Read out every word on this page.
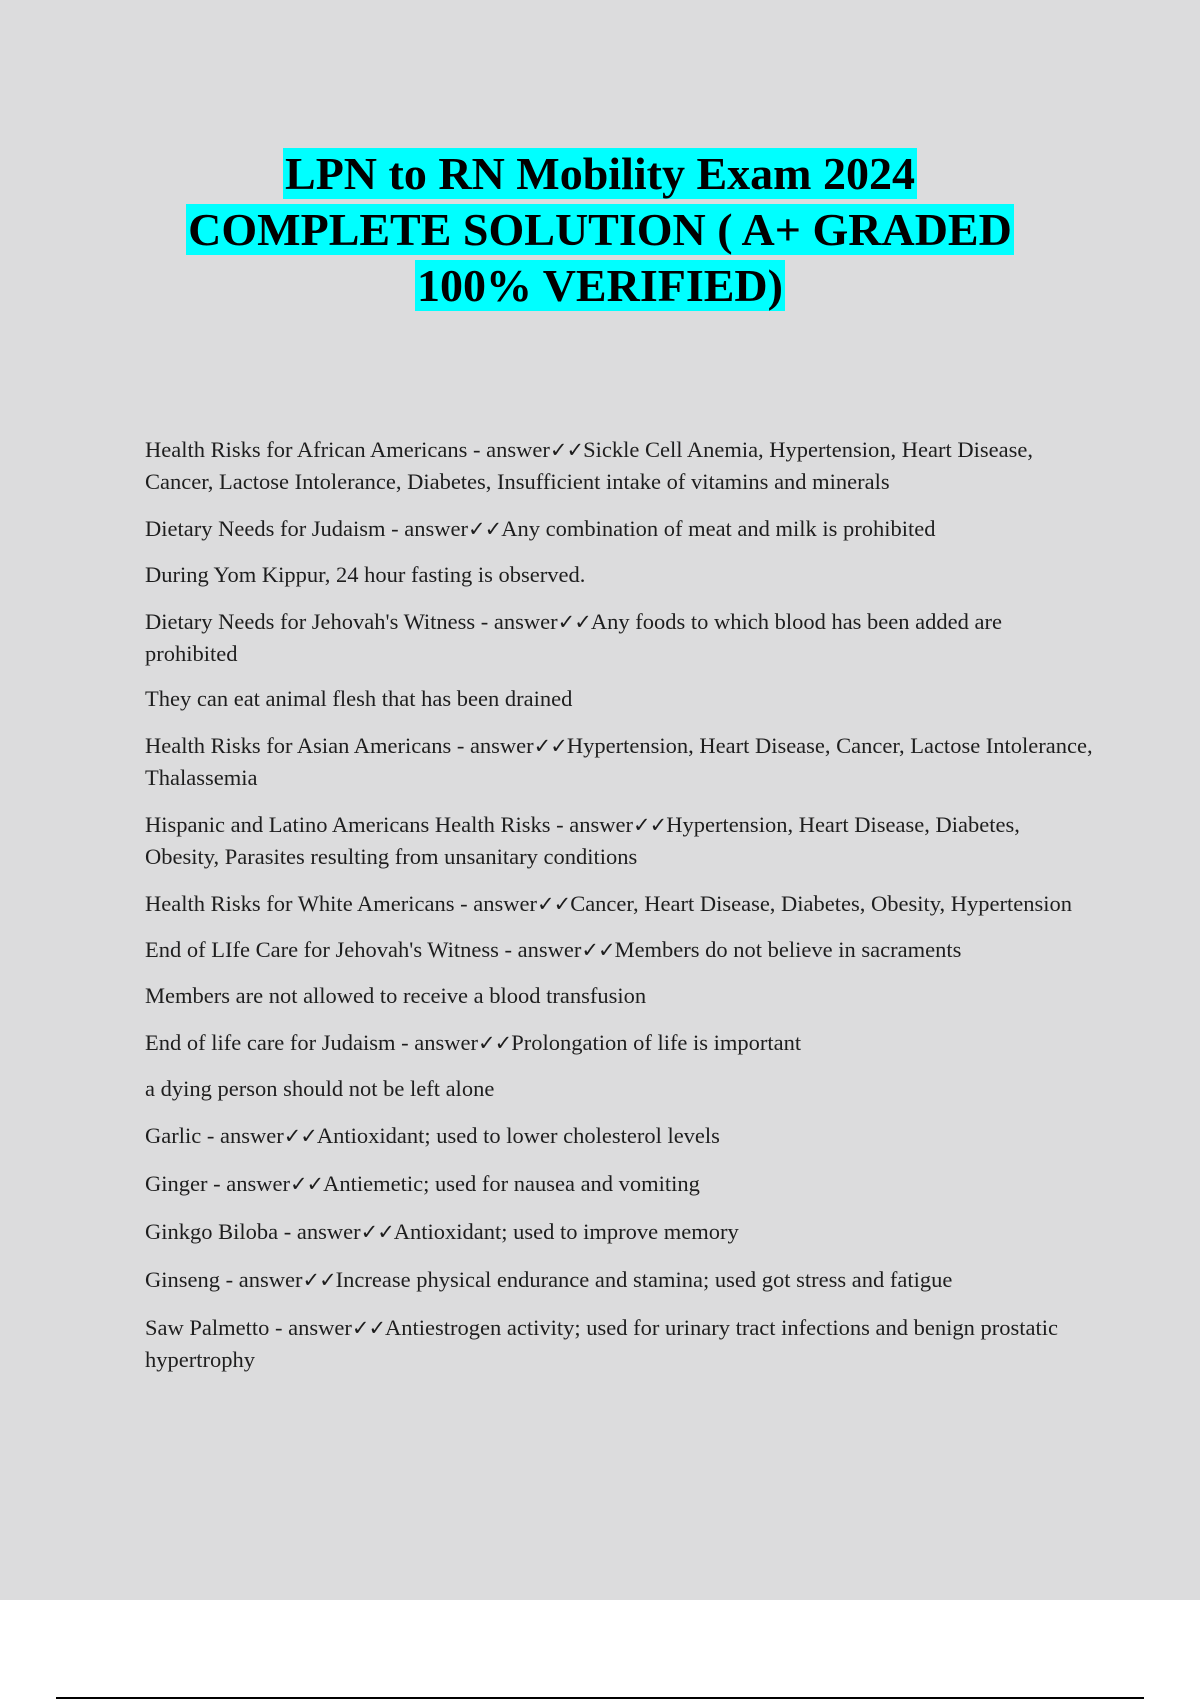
LPN to RN Mobility Exam 2024
COMPLETE SOLUTION ( A+ GRADED
100% VERIFIED)

Health Risks for African Americans - answer✓✓Sickle Cell Anemia, Hypertension, Heart Disease, Cancer, Lactose Intolerance, Diabetes, Insufficient intake of vitamins and minerals

Dietary Needs for Judaism - answer✓✓Any combination of meat and milk is prohibited

During Yom Kippur, 24 hour fasting is observed.

Dietary Needs for Jehovah's Witness - answer✓✓Any foods to which blood has been added are prohibited

They can eat animal flesh that has been drained

Health Risks for Asian Americans - answer✓✓Hypertension, Heart Disease, Cancer, Lactose Intolerance, Thalassemia

Hispanic and Latino Americans Health Risks - answer✓✓Hypertension, Heart Disease, Diabetes, Obesity, Parasites resulting from unsanitary conditions

Health Risks for White Americans - answer✓✓Cancer, Heart Disease, Diabetes, Obesity, Hypertension

End of LIfe Care for Jehovah's Witness - answer✓✓Members do not believe in sacraments

Members are not allowed to receive a blood transfusion

End of life care for Judaism - answer✓✓Prolongation of life is important

a dying person should not be left alone

Garlic - answer✓✓Antioxidant; used to lower cholesterol levels

Ginger - answer✓✓Antiemetic; used for nausea and vomiting

Ginkgo Biloba - answer✓✓Antioxidant; used to improve memory

Ginseng - answer✓✓Increase physical endurance and stamina; used got stress and fatigue

Saw Palmetto - answer✓✓Antiestrogen activity; used for urinary tract infections and benign prostatic hypertrophy
